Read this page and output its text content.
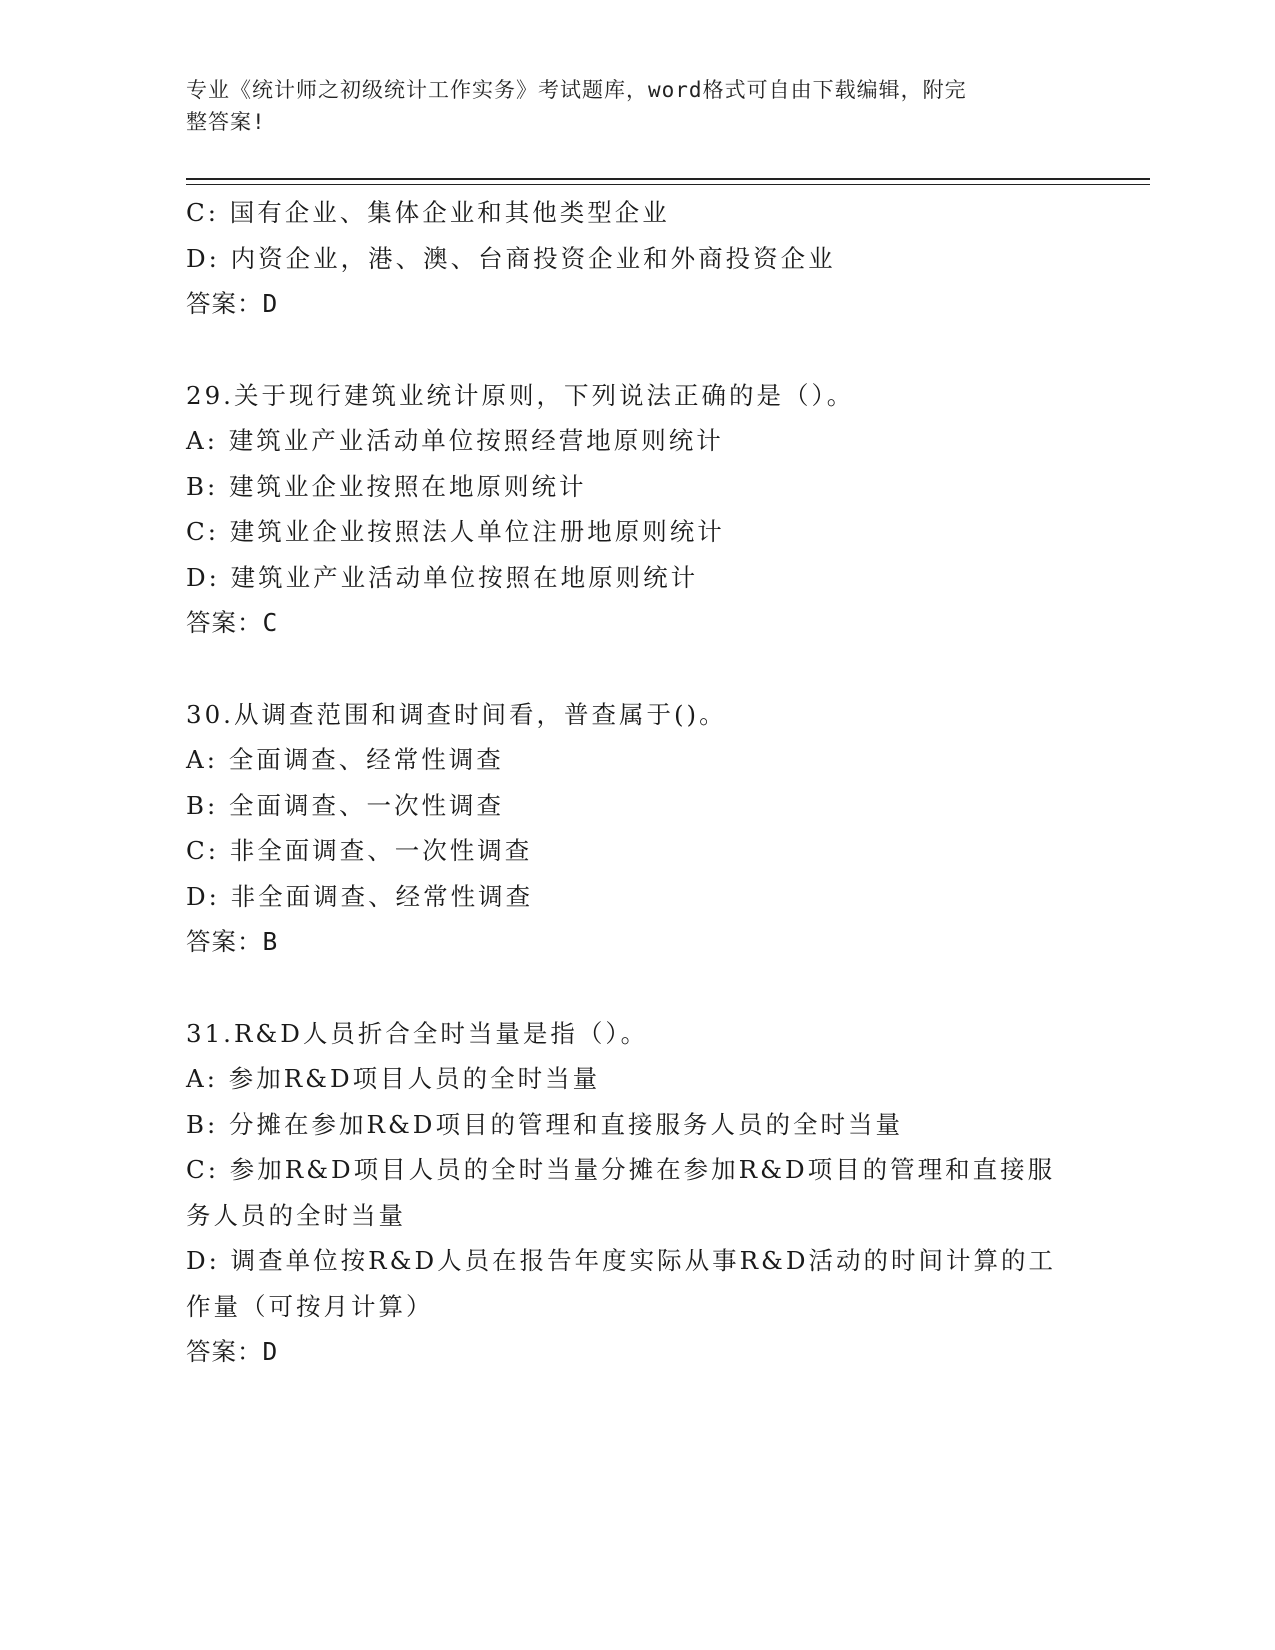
专业《统计师之初级统计工作实务》考试题库，word格式可自由下载编辑，附完
整答案!
C: 国有企业、集体企业和其他类型企业
D: 内资企业，港、澳、台商投资企业和外商投资企业
答案：D
29.关于现行建筑业统计原则，下列说法正确的是（）。
A: 建筑业产业活动单位按照经营地原则统计
B: 建筑业企业按照在地原则统计
C: 建筑业企业按照法人单位注册地原则统计
D: 建筑业产业活动单位按照在地原则统计
答案：C
30.从调查范围和调查时间看，普查属于()。
A: 全面调查、经常性调查
B: 全面调查、一次性调查
C: 非全面调查、一次性调查
D: 非全面调查、经常性调查
答案：B
31.R&D人员折合全时当量是指（）。
A: 参加R&D项目人员的全时当量
B: 分摊在参加R&D项目的管理和直接服务人员的全时当量
C: 参加R&D项目人员的全时当量分摊在参加R&D项目的管理和直接服
务人员的全时当量
D: 调查单位按R&D人员在报告年度实际从事R&D活动的时间计算的工
作量（可按月计算）
答案：D
